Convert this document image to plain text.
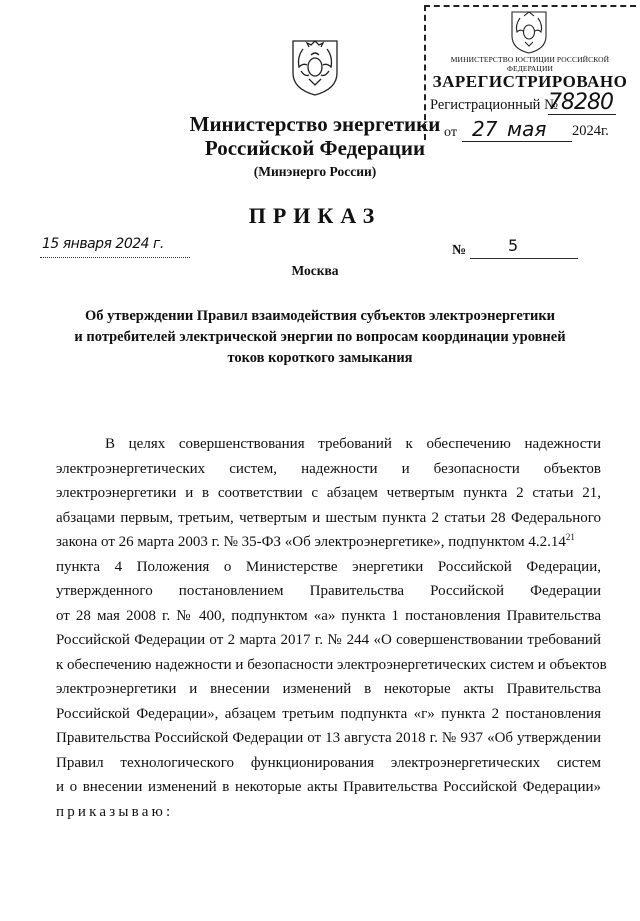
МИНИСТЕРСТВО ЮСТИЦИИ РОССИЙСКОЙ ФЕДЕРАЦИИ
ЗАРЕГИСТРИРОВАНО
Регистрационный №
78280
от 27 мая 2024г.
Министерство энергетики
Российской Федерации
(Минэнерго России)
ПРИКАЗ
15 января 2024 г.	№	5
Москва
Об утверждении Правил взаимодействия субъектов электроэнергетики
и потребителей электрической энергии по вопросам координации уровней
токов короткого замыкания
В целях совершенствования требований к обеспечению надежности
электроэнергетических систем, надежности и безопасности объектов
электроэнергетики и в соответствии с абзацем четвертым пункта 2 статьи 21,
абзацами первым, третьим, четвертым и шестым пункта 2 статьи 28 Федерального
закона от 26 марта 2003 г. № 35-ФЗ «Об электроэнергетике», подпунктом 4.2.14$^{21}$
пункта 4 Положения о Министерстве энергетики Российской Федерации,
утвержденного постановлением Правительства Российской Федерации
от 28 мая 2008 г. № 400, подпунктом «а» пункта 1 постановления Правительства
Российской Федерации от 2 марта 2017 г. № 244 «О совершенствовании требований
к обеспечению надежности и безопасности электроэнергетических систем и объектов
электроэнергетики и внесении изменений в некоторые акты Правительства
Российской Федерации», абзацем третьим подпункта «г» пункта 2 постановления
Правительства Российской Федерации от 13 августа 2018 г. № 937 «Об утверждении
Правил технологического функционирования электроэнергетических систем
и о внесении изменений в некоторые акты Правительства Российской Федерации»
приказываю:
